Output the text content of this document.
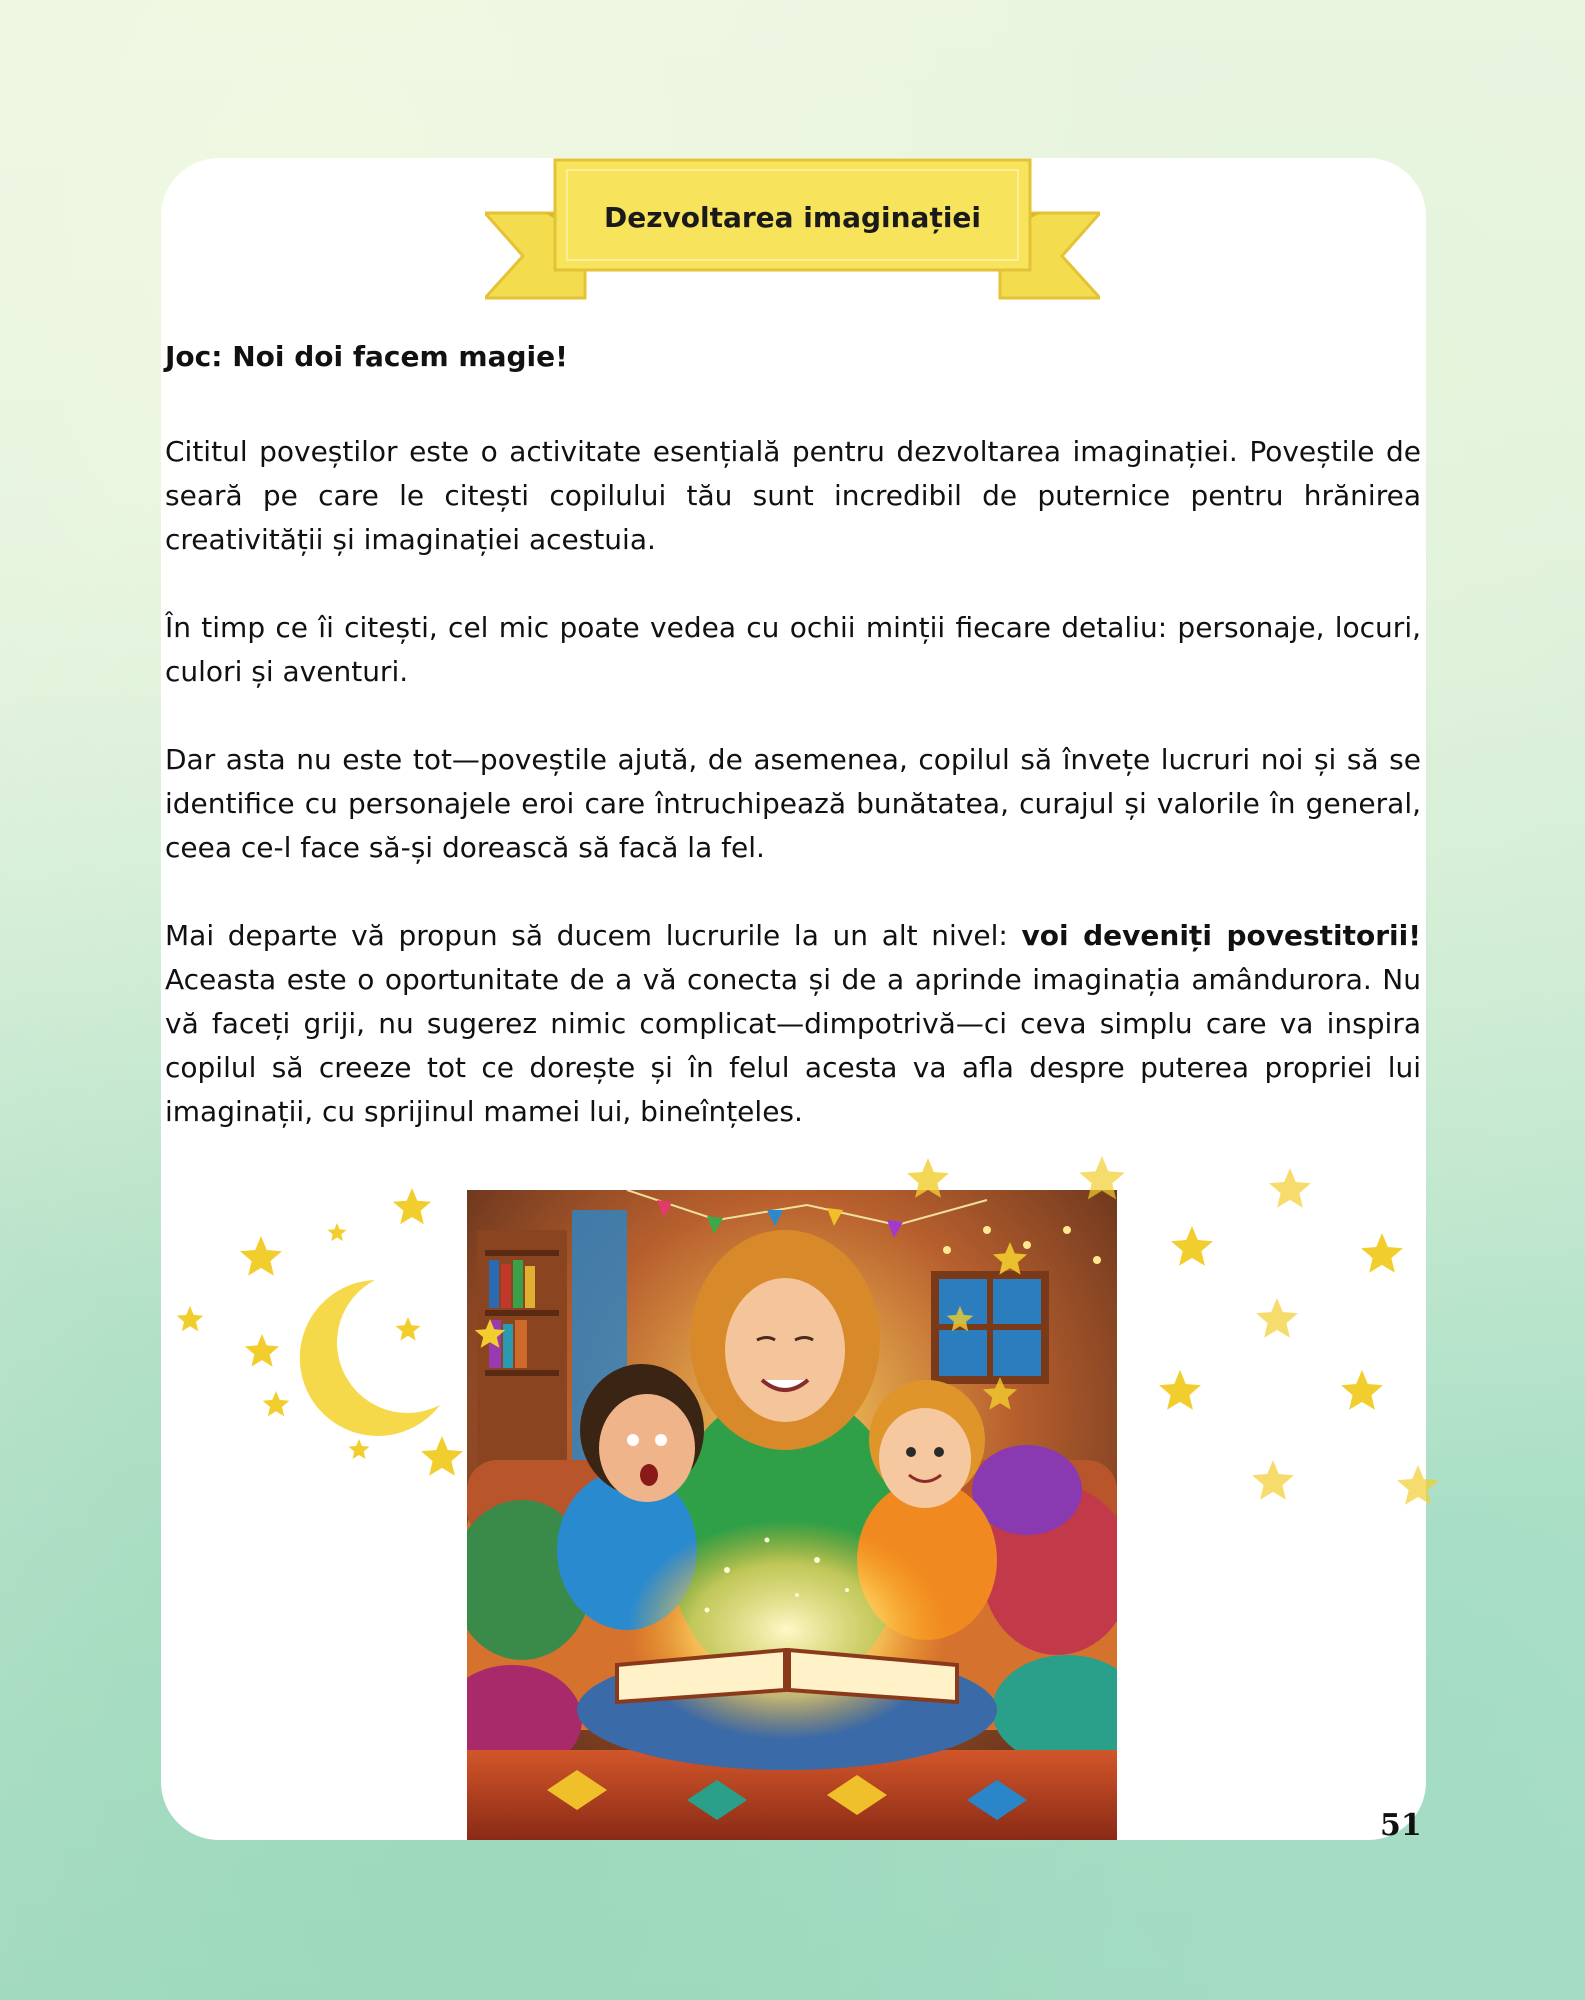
Dezvoltarea imaginației
Joc: Noi doi facem magie!

Cititul poveștilor este o activitate esențială pentru dezvoltarea imaginației. Poveștile de seară pe care le citești copilului tău sunt incredibil de puternice pentru hrănirea creativității și imaginației acestuia.

În timp ce îi citești, cel mic poate vedea cu ochii minții fiecare detaliu: personaje, locuri, culori și aventuri.

Dar asta nu este tot—poveștile ajută, de asemenea, copilul să învețe lucruri noi și să se identifice cu personajele eroi care întruchipează bunătatea, curajul și valorile în general, ceea ce-l face să-și dorească să facă la fel.

Mai departe vă propun să ducem lucrurile la un alt nivel: voi deveniți povestitorii! Aceasta este o oportunitate de a vă conecta și de a aprinde imaginația amândurora. Nu vă faceți griji, nu sugerez nimic complicat—dimpotrivă—ci ceva simplu care va inspira copilul să creeze tot ce dorește și în felul acesta va afla despre puterea propriei lui imaginații, cu sprijinul mamei lui, bineînțeles.

51
